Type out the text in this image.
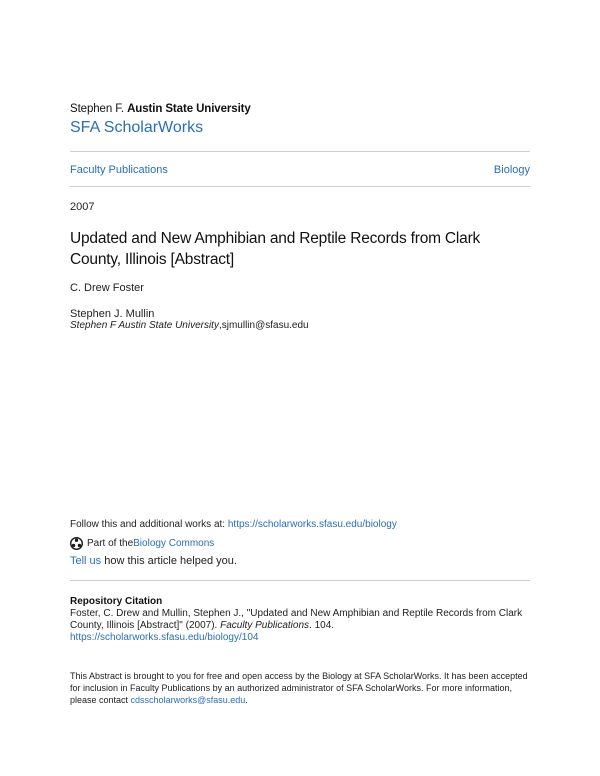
Stephen F. Austin State University
SFA ScholarWorks
Faculty Publications	Biology
2007
Updated and New Amphibian and Reptile Records from Clark County, Illinois [Abstract]
C. Drew Foster
Stephen J. Mullin
Stephen F Austin State University,sjmullin@sfasu.edu
Follow this and additional works at: https://scholarworks.sfasu.edu/biology
Part of the Biology Commons
Tell us how this article helped you.
Repository Citation
Foster, C. Drew and Mullin, Stephen J., "Updated and New Amphibian and Reptile Records from Clark County, Illinois [Abstract]" (2007). Faculty Publications. 104.
https://scholarworks.sfasu.edu/biology/104
This Abstract is brought to you for free and open access by the Biology at SFA ScholarWorks. It has been accepted for inclusion in Faculty Publications by an authorized administrator of SFA ScholarWorks. For more information, please contact cdsscholarworks@sfasu.edu.
